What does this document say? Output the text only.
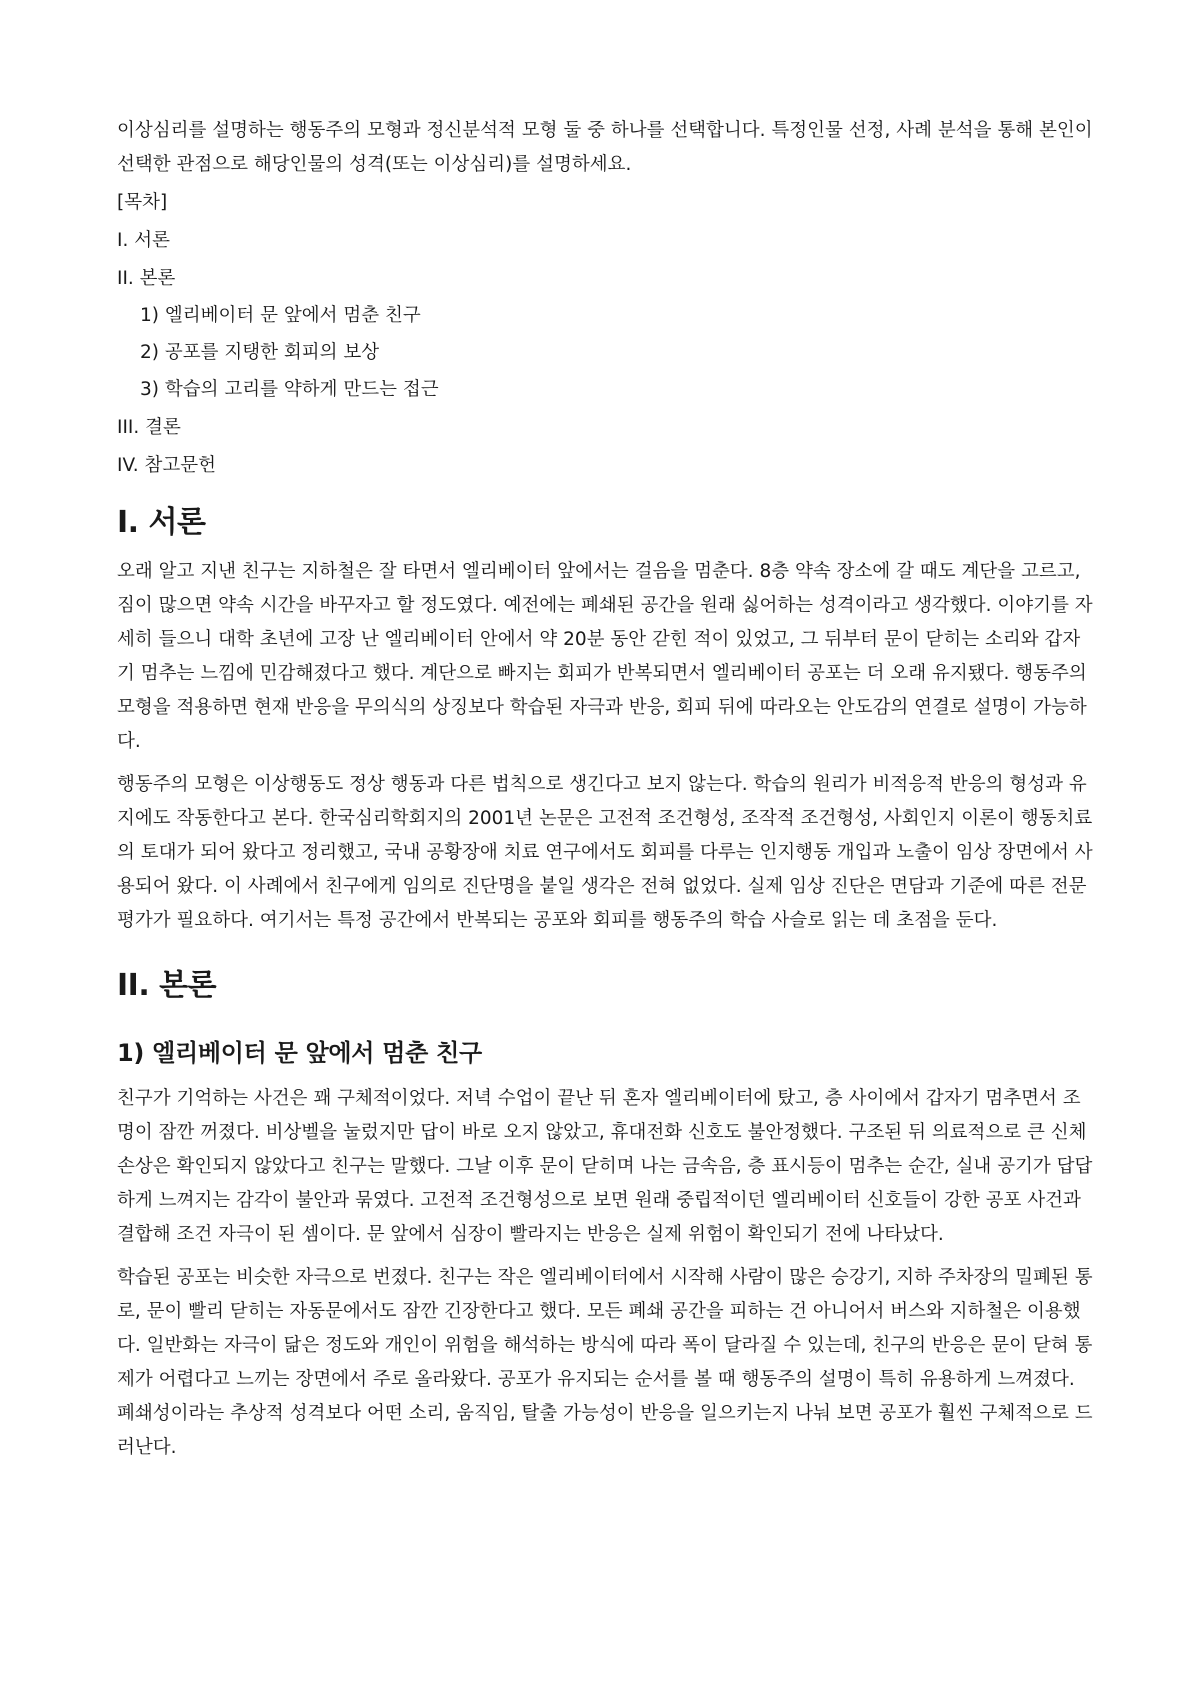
이상심리를 설명하는 행동주의 모형과 정신분석적 모형 둘 중 하나를 선택합니다. 특정인물 선정, 사례 분석을 통해 본인이 선택한 관점으로 해당인물의 성격(또는 이상심리)를 설명하세요.

[목차]

I. 서론

II. 본론

1) 엘리베이터 문 앞에서 멈춘 친구

2) 공포를 지탱한 회피의 보상

3) 학습의 고리를 약하게 만드는 접근

III. 결론

IV. 참고문헌

I. 서론

오래 알고 지낸 친구는 지하철은 잘 타면서 엘리베이터 앞에서는 걸음을 멈춘다. 8층 약속 장소에 갈 때도 계단을 고르고, 짐이 많으면 약속 시간을 바꾸자고 할 정도였다. 예전에는 폐쇄된 공간을 원래 싫어하는 성격이라고 생각했다. 이야기를 자세히 들으니 대학 초년에 고장 난 엘리베이터 안에서 약 20분 동안 갇힌 적이 있었고, 그 뒤부터 문이 닫히는 소리와 갑자기 멈추는 느낌에 민감해졌다고 했다. 계단으로 빠지는 회피가 반복되면서 엘리베이터 공포는 더 오래 유지됐다. 행동주의 모형을 적용하면 현재 반응을 무의식의 상징보다 학습된 자극과 반응, 회피 뒤에 따라오는 안도감의 연결로 설명이 가능하다.

행동주의 모형은 이상행동도 정상 행동과 다른 법칙으로 생긴다고 보지 않는다. 학습의 원리가 비적응적 반응의 형성과 유지에도 작동한다고 본다. 한국심리학회지의 2001년 논문은 고전적 조건형성, 조작적 조건형성, 사회인지 이론이 행동치료의 토대가 되어 왔다고 정리했고, 국내 공황장애 치료 연구에서도 회피를 다루는 인지행동 개입과 노출이 임상 장면에서 사용되어 왔다. 이 사례에서 친구에게 임의로 진단명을 붙일 생각은 전혀 없었다. 실제 임상 진단은 면담과 기준에 따른 전문 평가가 필요하다. 여기서는 특정 공간에서 반복되는 공포와 회피를 행동주의 학습 사슬로 읽는 데 초점을 둔다.

II. 본론
1) 엘리베이터 문 앞에서 멈춘 친구

친구가 기억하는 사건은 꽤 구체적이었다. 저녁 수업이 끝난 뒤 혼자 엘리베이터에 탔고, 층 사이에서 갑자기 멈추면서 조명이 잠깐 꺼졌다. 비상벨을 눌렀지만 답이 바로 오지 않았고, 휴대전화 신호도 불안정했다. 구조된 뒤 의료적으로 큰 신체 손상은 확인되지 않았다고 친구는 말했다. 그날 이후 문이 닫히며 나는 금속음, 층 표시등이 멈추는 순간, 실내 공기가 답답하게 느껴지는 감각이 불안과 묶였다. 고전적 조건형성으로 보면 원래 중립적이던 엘리베이터 신호들이 강한 공포 사건과 결합해 조건 자극이 된 셈이다. 문 앞에서 심장이 빨라지는 반응은 실제 위험이 확인되기 전에 나타났다.

학습된 공포는 비슷한 자극으로 번졌다. 친구는 작은 엘리베이터에서 시작해 사람이 많은 승강기, 지하 주차장의 밀폐된 통로, 문이 빨리 닫히는 자동문에서도 잠깐 긴장한다고 했다. 모든 폐쇄 공간을 피하는 건 아니어서 버스와 지하철은 이용했다. 일반화는 자극이 닮은 정도와 개인이 위험을 해석하는 방식에 따라 폭이 달라질 수 있는데, 친구의 반응은 문이 닫혀 통제가 어렵다고 느끼는 장면에서 주로 올라왔다. 공포가 유지되는 순서를 볼 때 행동주의 설명이 특히 유용하게 느껴졌다. 폐쇄성이라는 추상적 성격보다 어떤 소리, 움직임, 탈출 가능성이 반응을 일으키는지 나눠 보면 공포가 훨씬 구체적으로 드러난다.
